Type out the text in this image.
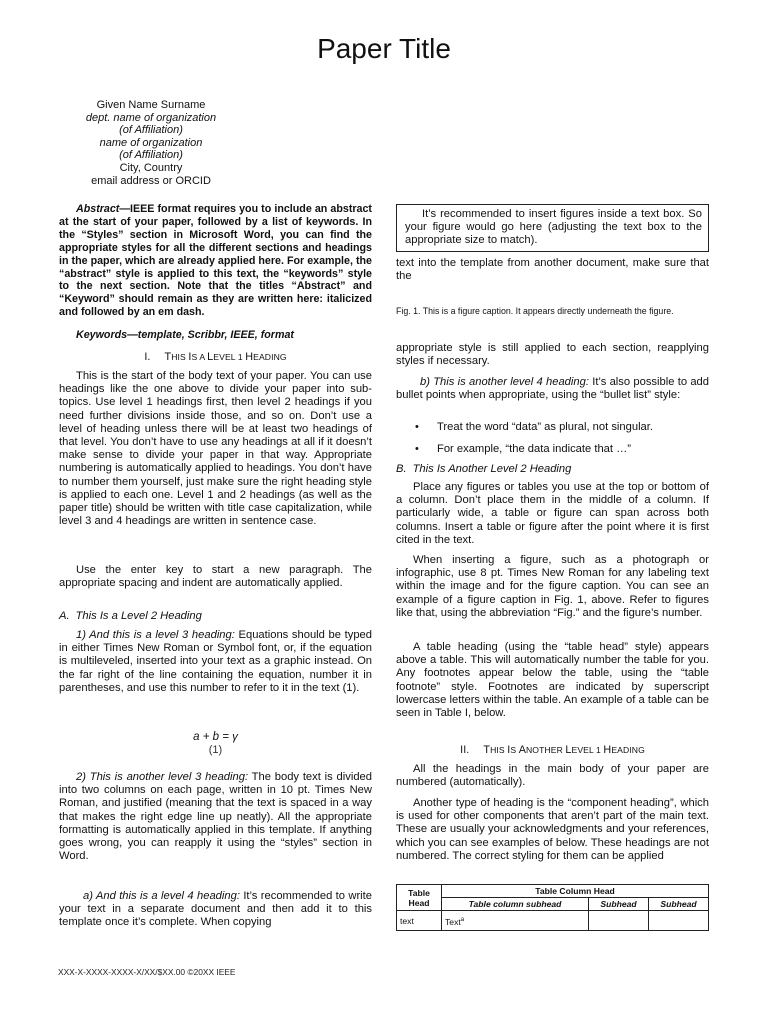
Paper Title
Given Name Surname
dept. name of organization
(of Affiliation)
name of organization
(of Affiliation)
City, Country
email address or ORCID
Abstract—IEEE format requires you to include an abstract at the start of your paper, followed by a list of keywords. In the “Styles” section in Microsoft Word, you can find the appropriate styles for all the different sections and headings in the paper, which are already applied here. For example, the “abstract” style is applied to this text, the “keywords” style to the next section. Note that the titles “Abstract” and “Keyword” should remain as they are written here: italicized and followed by an em dash.
Keywords—template, Scribbr, IEEE, format
I. THIS IS A LEVEL 1 HEADING
This is the start of the body text of your paper. You can use headings like the one above to divide your paper into sub-topics. Use level 1 headings first, then level 2 headings if you need further divisions inside those, and so on. Don’t use a level of heading unless there will be at least two headings of that level. You don’t have to use any headings at all if it doesn’t make sense to divide your paper in that way. Appropriate numbering is automatically applied to headings. You don’t have to number them yourself, just make sure the right heading style is applied to each one. Level 1 and 2 headings (as well as the paper title) should be written with title case capitalization, while level 3 and 4 headings are written in sentence case.
Use the enter key to start a new paragraph. The appropriate spacing and indent are automatically applied.
A. This Is a Level 2 Heading
1) And this is a level 3 heading: Equations should be typed in either Times New Roman or Symbol font, or, if the equation is multileveled, inserted into your text as a graphic instead. On the far right of the line containing the equation, number it in parentheses, and use this number to refer to it in the text (1).
a + b = γ
(1)
2) This is another level 3 heading: The body text is divided into two columns on each page, written in 10 pt. Times New Roman, and justified (meaning that the text is spaced in a way that makes the right edge line up neatly). All the appropriate formatting is automatically applied in this template. If anything goes wrong, you can reapply it using the “styles” section in Word.
a) And this is a level 4 heading: It’s recommended to write your text in a separate document and then add it to this template once it’s complete. When copying
It’s recommended to insert figures inside a text box. So your figure would go here (adjusting the text box to the appropriate size to match).
text into the template from another document, make sure that the
Fig. 1. This is a figure caption. It appears directly underneath the figure.
appropriate style is still applied to each section, reapplying styles if necessary.
b) This is another level 4 heading: It’s also possible to add bullet points when appropriate, using the “bullet list” style:
• Treat the word “data” as plural, not singular.
• For example, “the data indicate that …”
B. This Is Another Level 2 Heading
Place any figures or tables you use at the top or bottom of a column. Don’t place them in the middle of a column. If particularly wide, a table or figure can span across both columns. Insert a table or figure after the point where it is first cited in the text.
When inserting a figure, such as a photograph or infographic, use 8 pt. Times New Roman for any labeling text within the image and for the figure caption. You can see an example of a figure caption in Fig. 1, above. Refer to figures like that, using the abbreviation “Fig.” and the figure’s number.
A table heading (using the “table head” style) appears above a table. This will automatically number the table for you. Any footnotes appear below the table, using the “table footnote” style. Footnotes are indicated by superscript lowercase letters within the table. An example of a table can be seen in Table I, below.
II. THIS IS ANOTHER LEVEL 1 HEADING
All the headings in the main body of your paper are numbered (automatically).
Another type of heading is the “component heading”, which is used for other components that aren’t part of the main text. These are usually your acknowledgments and your references, which you can see examples of below. These headings are not numbered. The correct styling for them can be applied
Table Head	Table Column Head		
	Table column subhead	Subhead	Subhead
text	Text$^a$		
XXX-X-XXXX-XXXX-X/XX/$XX.00 ©20XX IEEE
